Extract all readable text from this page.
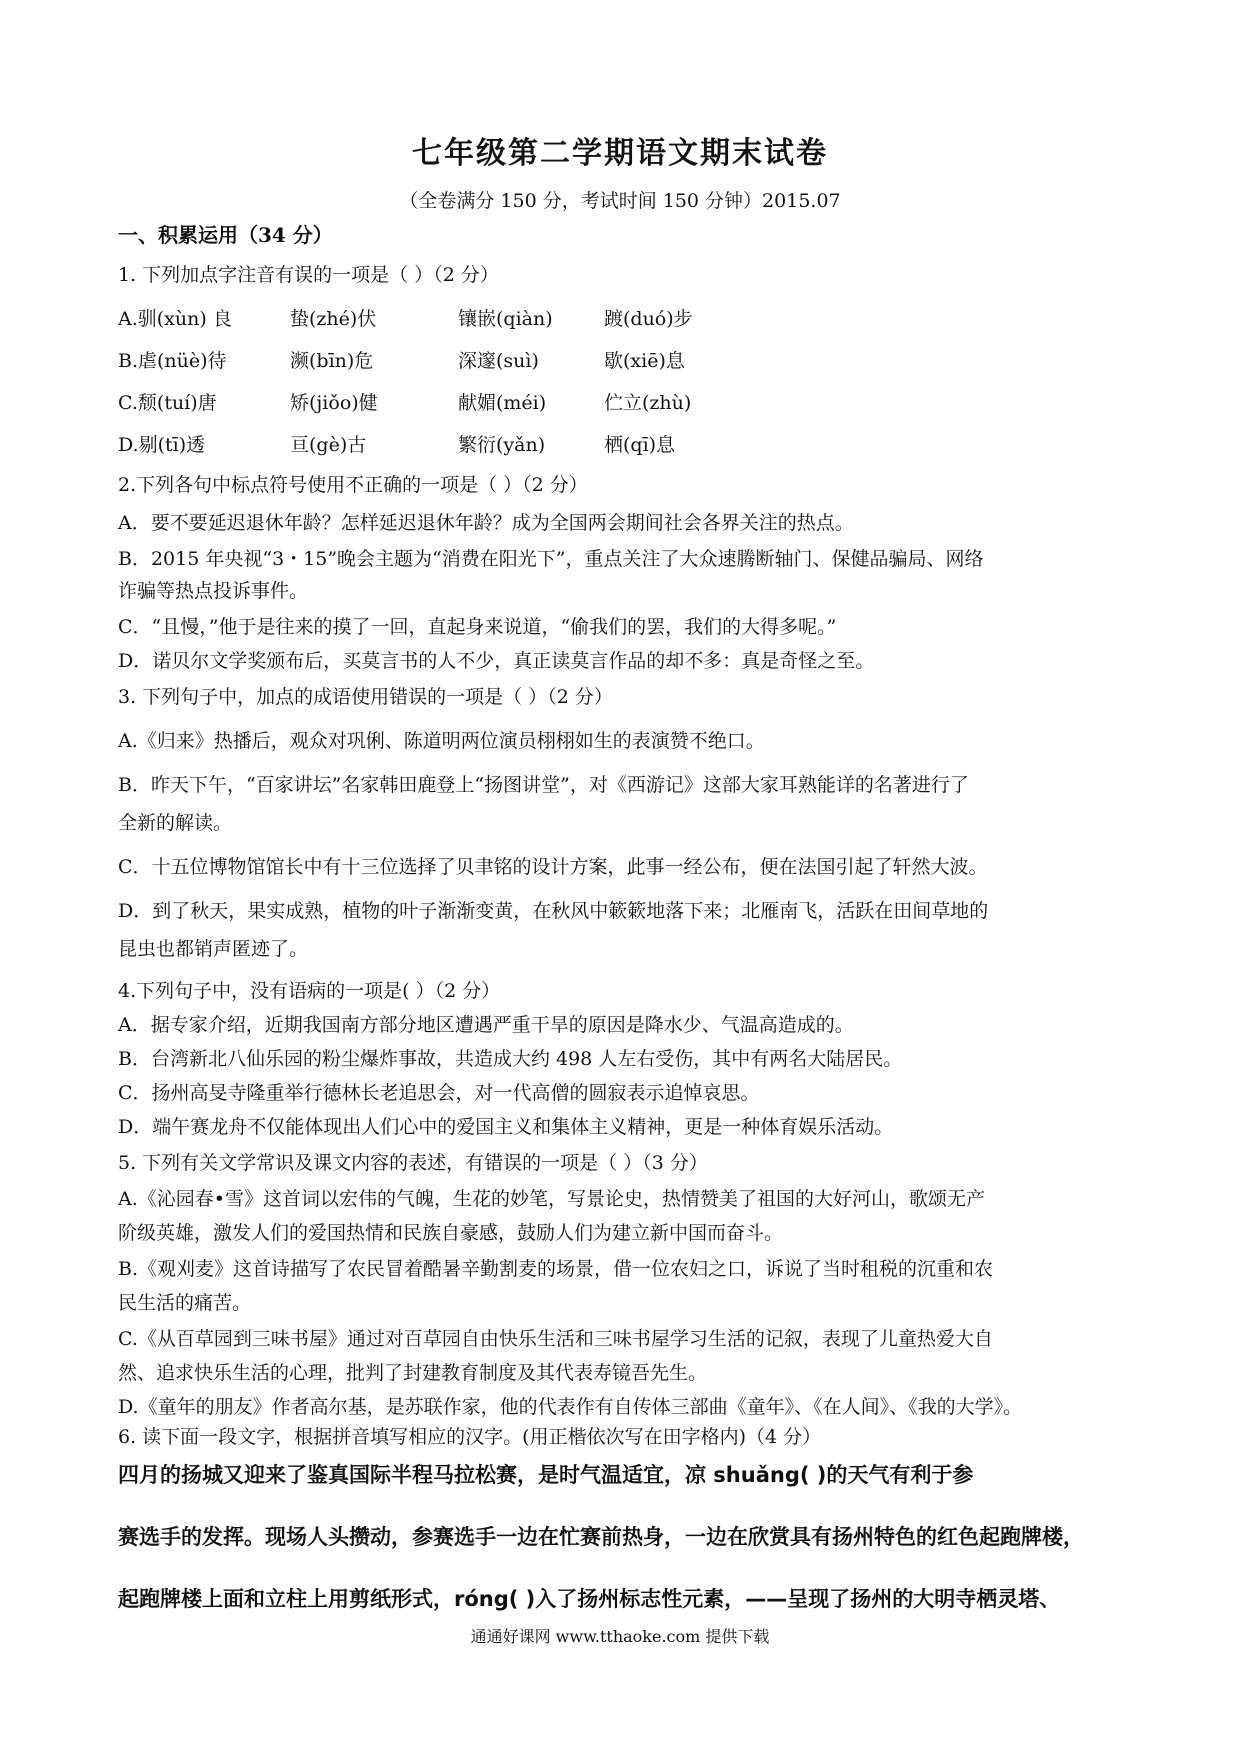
七年级第二学期语文期末试卷
（全卷满分 150 分，考试时间 150 分钟）2015.07
一、积累运用（34 分）
1. 下列加点字注音有误的一项是（ ）（2 分）
A.驯(xùn) 良	蛰(zhé)伏	镶嵌(qiàn)	踱(duó)步
B.虐(nüè)待	濒(bīn)危	深邃(suì)	歇(xiē)息
C.颓(tuí)唐	矫(jiǒo)健	献媚(méi)	伫立(zhù)
D.剔(tī)透	亘(gè)古	繁衍(yǎn)	栖(qī)息
2.下列各句中标点符号使用不正确的一项是（ ）（2 分）
A．要不要延迟退休年龄？怎样延迟退休年龄？成为全国两会期间社会各界关注的热点。
B．2015 年央视“3・15”晚会主题为“消费在阳光下”，重点关注了大众速腾断轴门、保健品骗局、网络
诈骗等热点投诉事件。
C．“且慢，”他于是往来的摸了一回，直起身来说道，“偷我们的罢，我们的大得多呢。”
D．诺贝尔文学奖颁布后，买莫言书的人不少，真正读莫言作品的却不多：真是奇怪之至。
3. 下列句子中，加点的成语使用错误的一项是（ ）（2 分）
A.《归来》热播后，观众对巩俐、陈道明两位演员栩栩如生的表演赞不绝口。
B．昨天下午，“百家讲坛”名家韩田鹿登上“扬图讲堂”，对《西游记》这部大家耳熟能详的名著进行了
全新的解读。
C．十五位博物馆馆长中有十三位选择了贝聿铭的设计方案，此事一经公布，便在法国引起了轩然大波。
D．到了秋天，果实成熟，植物的叶子渐渐变黄，在秋风中簌簌地落下来；北雁南飞，活跃在田间草地的
昆虫也都销声匿迹了。
4.下列句子中，没有语病的一项是( ）（2 分）
A．据专家介绍，近期我国南方部分地区遭遇严重干旱的原因是降水少、气温高造成的。
B．台湾新北八仙乐园的粉尘爆炸事故，共造成大约 498 人左右受伤，其中有两名大陆居民。
C．扬州高旻寺隆重举行德林长老追思会，对一代高僧的圆寂表示追悼哀思。
D．端午赛龙舟不仅能体现出人们心中的爱国主义和集体主义精神，更是一种体育娱乐活动。
5. 下列有关文学常识及课文内容的表述，有错误的一项是（ ）（3 分）
A.《沁园春•雪》这首词以宏伟的气魄，生花的妙笔，写景论史，热情赞美了祖国的大好河山，歌颂无产
阶级英雄，激发人们的爱国热情和民族自豪感，鼓励人们为建立新中国而奋斗。
B.《观刈麦》这首诗描写了农民冒着酷暑辛勤割麦的场景，借一位农妇之口，诉说了当时租税的沉重和农
民生活的痛苦。
C.《从百草园到三味书屋》通过对百草园自由快乐生活和三味书屋学习生活的记叙，表现了儿童热爱大自
然、追求快乐生活的心理，批判了封建教育制度及其代表寿镜吾先生。
D.《童年的朋友》作者高尔基，是苏联作家，他的代表作有自传体三部曲《童年》、《在人间》、《我的大学》。
6. 读下面一段文字，根据拼音填写相应的汉字。(用正楷依次写在田字格内)（4 分）
四月的扬城又迎来了鉴真国际半程马拉松赛，是时气温适宜，凉 shuǎng( )的天气有利于参
赛选手的发挥。现场人头攒动，参赛选手一边在忙赛前热身，一边在欣赏具有扬州特色的红色起跑牌楼，
起跑牌楼上面和立柱上用剪纸形式，róng( )入了扬州标志性元素，——呈现了扬州的大明寺栖灵塔、
通通好课网 www.tthaoke.com 提供下载
